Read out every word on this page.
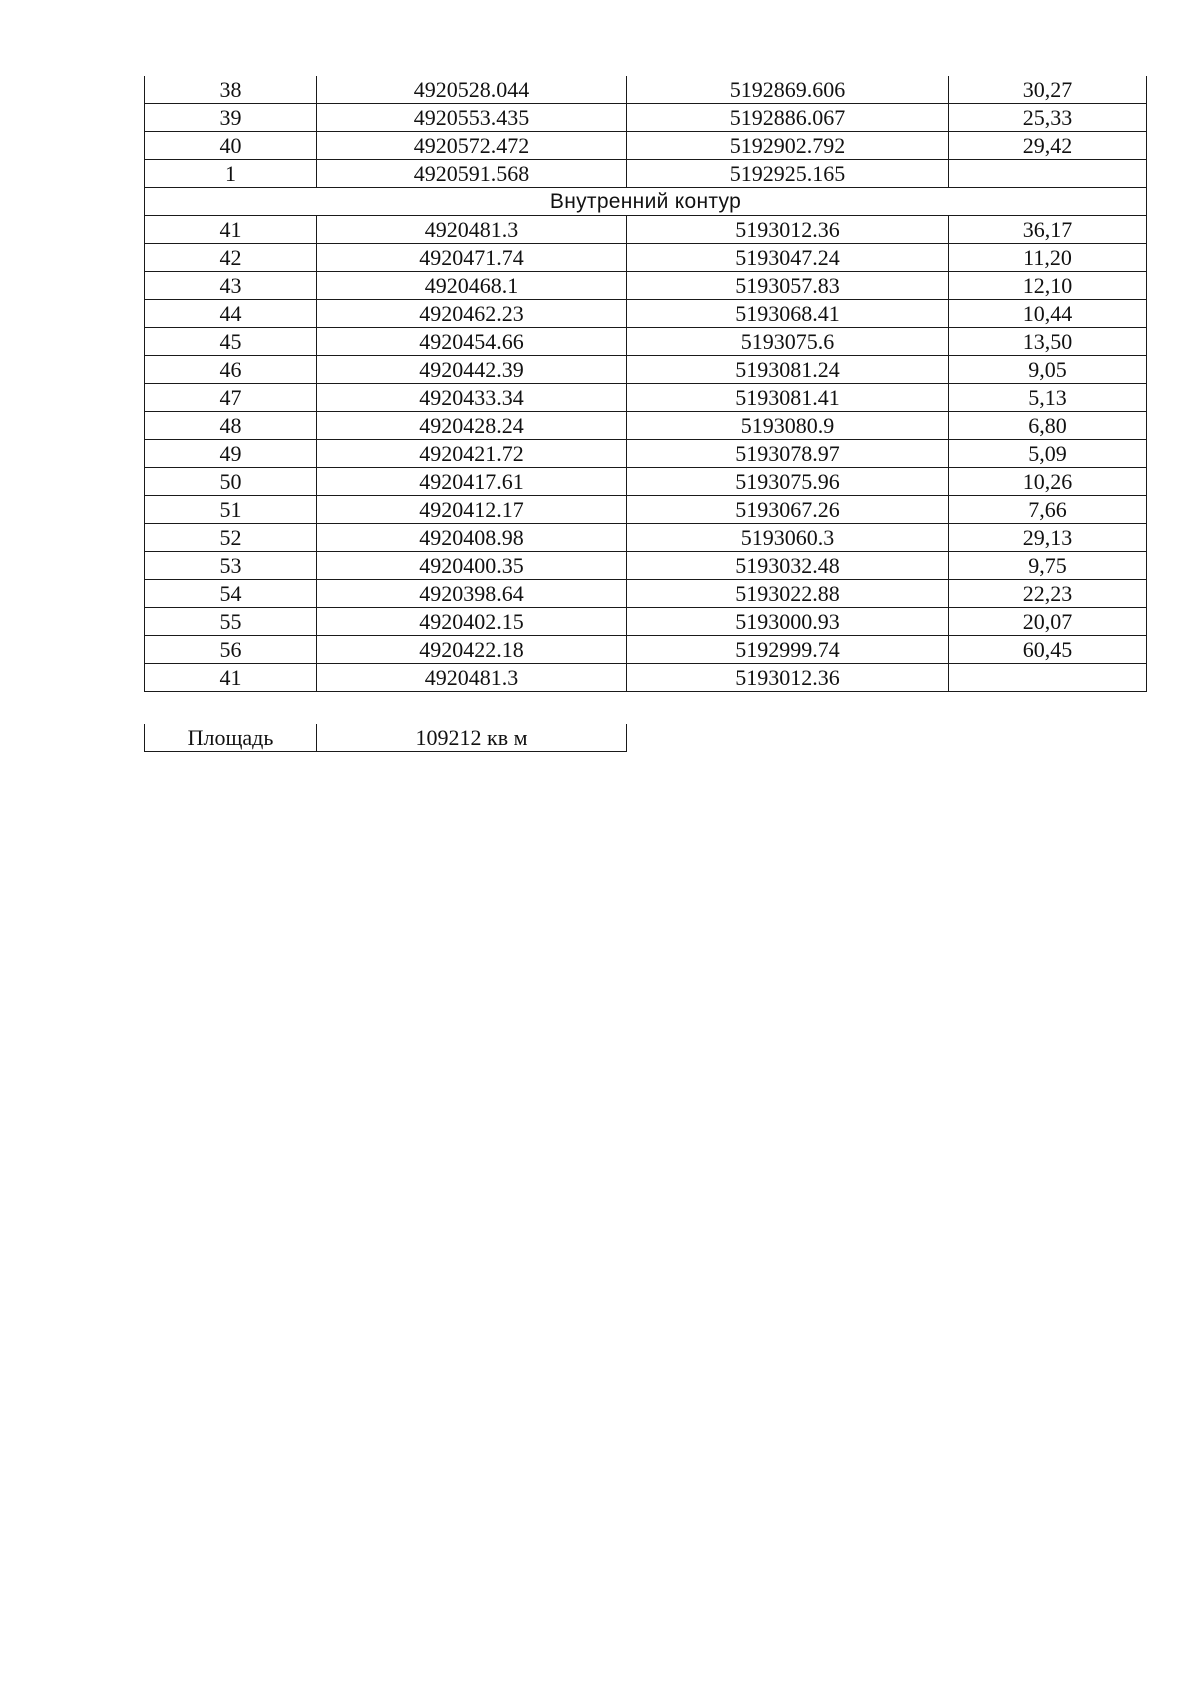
38	4920528.044	5192869.606	30,27
39	4920553.435	5192886.067	25,33
40	4920572.472	5192902.792	29,42
1	4920591.568	5192925.165	
Внутренний контур			
41	4920481.3	5193012.36	36,17
42	4920471.74	5193047.24	11,20
43	4920468.1	5193057.83	12,10
44	4920462.23	5193068.41	10,44
45	4920454.66	5193075.6	13,50
46	4920442.39	5193081.24	9,05
47	4920433.34	5193081.41	5,13
48	4920428.24	5193080.9	6,80
49	4920421.72	5193078.97	5,09
50	4920417.61	5193075.96	10,26
51	4920412.17	5193067.26	7,66
52	4920408.98	5193060.3	29,13
53	4920400.35	5193032.48	9,75
54	4920398.64	5193022.88	22,23
55	4920402.15	5193000.93	20,07
56	4920422.18	5192999.74	60,45
41	4920481.3	5193012.36	
Площадь	109212 кв м
